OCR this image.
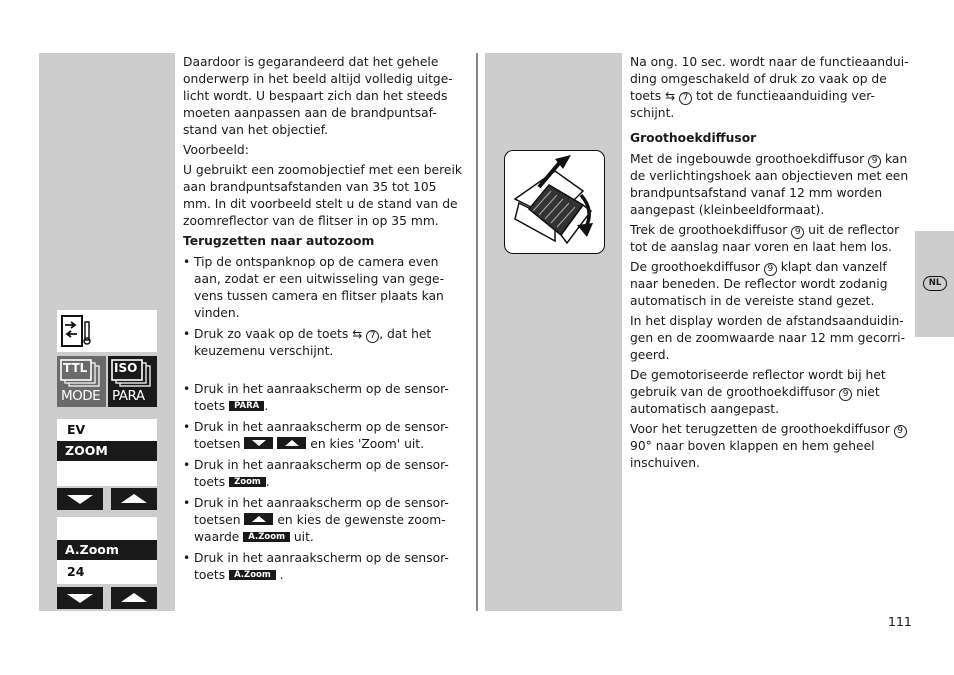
TTL
MODE
ISO
PARA
EV
ZOOM
A.Zoom
24

Daardoor is gegarandeerd dat het gehele onderwerp in het beeld altijd volledig uitge-licht wordt. U bespaart zich dan het steeds moeten aanpassen aan de brandpuntsaf-stand van het objectief.

Voorbeeld:

U gebruikt een zoomobjectief met een bereik aan brandpuntsafstanden van 35 tot 105 mm. In dit voorbeeld stelt u de stand van de zoomreflector van de flitser in op 35 mm.

Terugzetten naar autozoom
• Tip de ontspanknop op de camera even aan, zodat er een uitwisseling van gege-vens tussen camera en flitser plaats kan vinden.
• Druk zo vaak op de toets ⇆ 7 , dat het keuzemenu verschijnt.
• Druk in het aanraakscherm op de sensor-toets PARA .
• Druk in het aanraakscherm op de sensor-toetsen
	en kies 'Zoom' uit.
• Druk in het aanraakscherm op de sensor-toets Zoom .
• Druk in het aanraakscherm op de sensor-toetsen	en kies de gewenste zoom-waarde A.Zoom uit.
• Druk in het aanraakscherm op de sensor-toets A.Zoom .

Na ong. 10 sec. wordt naar de functieaandui-ding omgeschakeld of druk zo vaak op de toets ⇆ 7 tot de functieaanduiding ver-schijnt.

Groothoekdiffusor

Met de ingebouwde groothoekdiffusor 9 kan de verlichtingshoek aan objectieven met een brandpuntsafstand vanaf 12 mm worden aangepast (kleinbeeldformaat).

Trek de groothoekdiffusor 9 uit de reflector tot de aanslag naar voren en laat hem los.

De groothoekdiffusor 9 klapt dan vanzelf naar beneden. De reflector wordt zodanig automatisch in de vereiste stand gezet.

In het display worden de afstandsaanduidin-gen en de zoomwaarde naar 12 mm gecorri-geerd.

De gemotoriseerde reflector wordt bij het gebruik van de groothoekdiffusor 9 niet automatisch aangepast.

Voor het terugzetten de groothoekdiffusor 9 90° naar boven klappen en hem geheel inschuiven.

NL
111
